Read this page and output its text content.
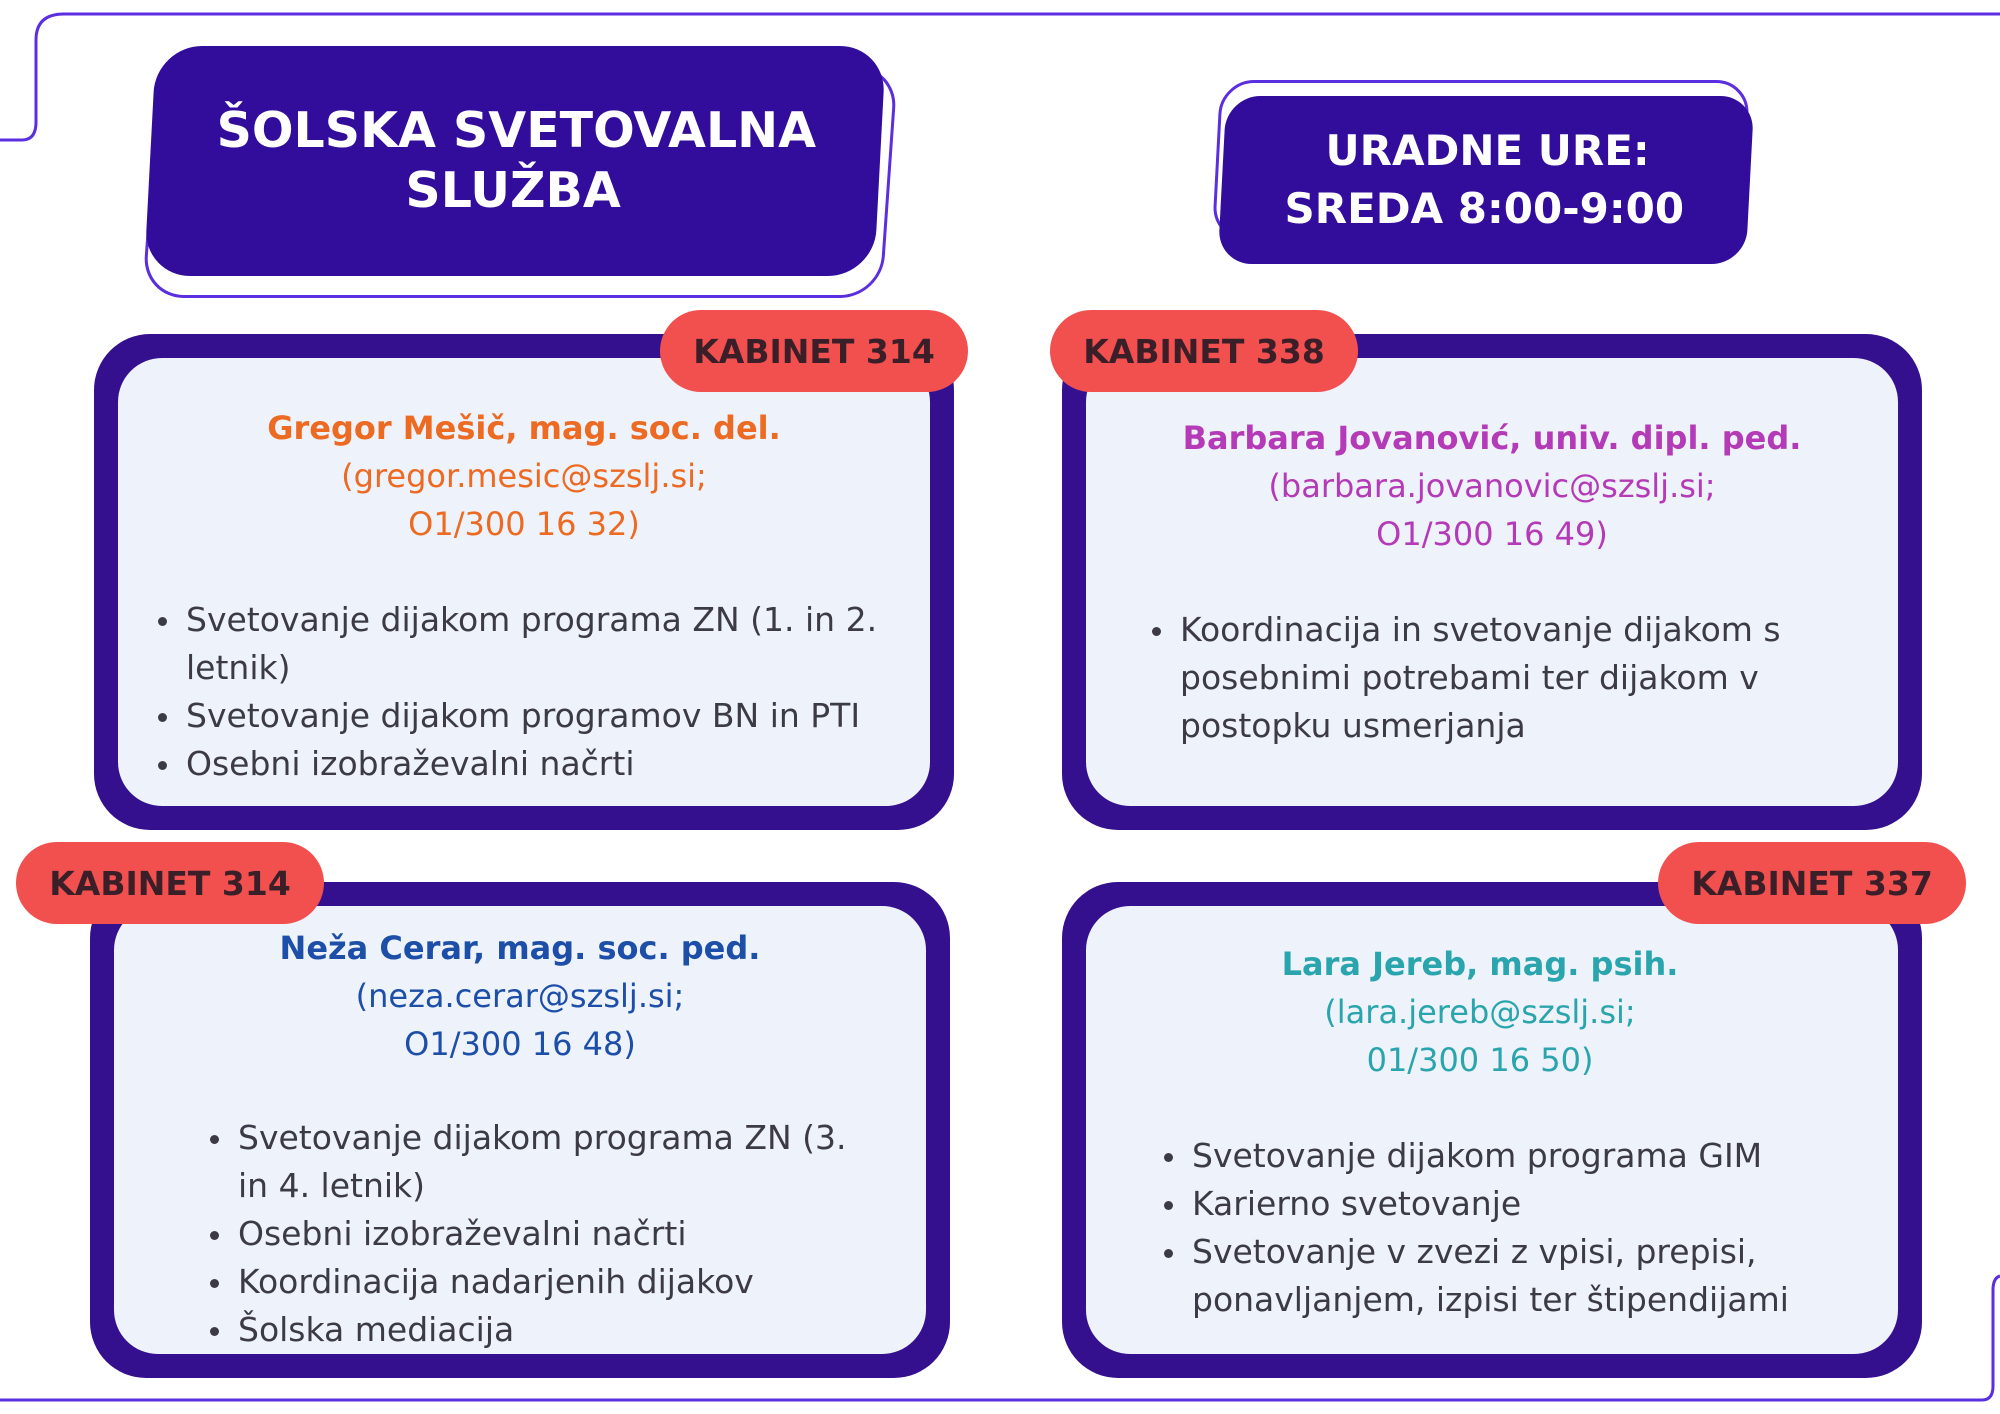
ŠOLSKA SVETOVALNA
SLUŽBA
URADNE URE:
SREDA 8:00-9:00
KABINET 314
Gregor Mešič, mag. soc. del.
(gregor.mesic@szslj.si;
O1/300 16 32)
Svetovanje dijakom programa ZN (1. in 2. letnik)
Svetovanje dijakom programov BN in PTI
Osebni izobraževalni načrti
KABINET 338
Barbara Jovanović, univ. dipl. ped.
(barbara.jovanovic@szslj.si;
O1/300 16 49)
Koordinacija in svetovanje dijakom s posebnimi potrebami ter dijakom v postopku usmerjanja
KABINET 314
Neža Cerar, mag. soc. ped.
(neza.cerar@szslj.si;
O1/300 16 48)
Svetovanje dijakom programa ZN (3. in 4. letnik)
Osebni izobraževalni načrti
Koordinacija nadarjenih dijakov
Šolska mediacija
KABINET 337
Lara Jereb, mag. psih.
(lara.jereb@szslj.si;
01/300 16 50)
Svetovanje dijakom programa GIM
Karierno svetovanje
Svetovanje v zvezi z vpisi, prepisi, ponavljanjem, izpisi ter štipendijami
